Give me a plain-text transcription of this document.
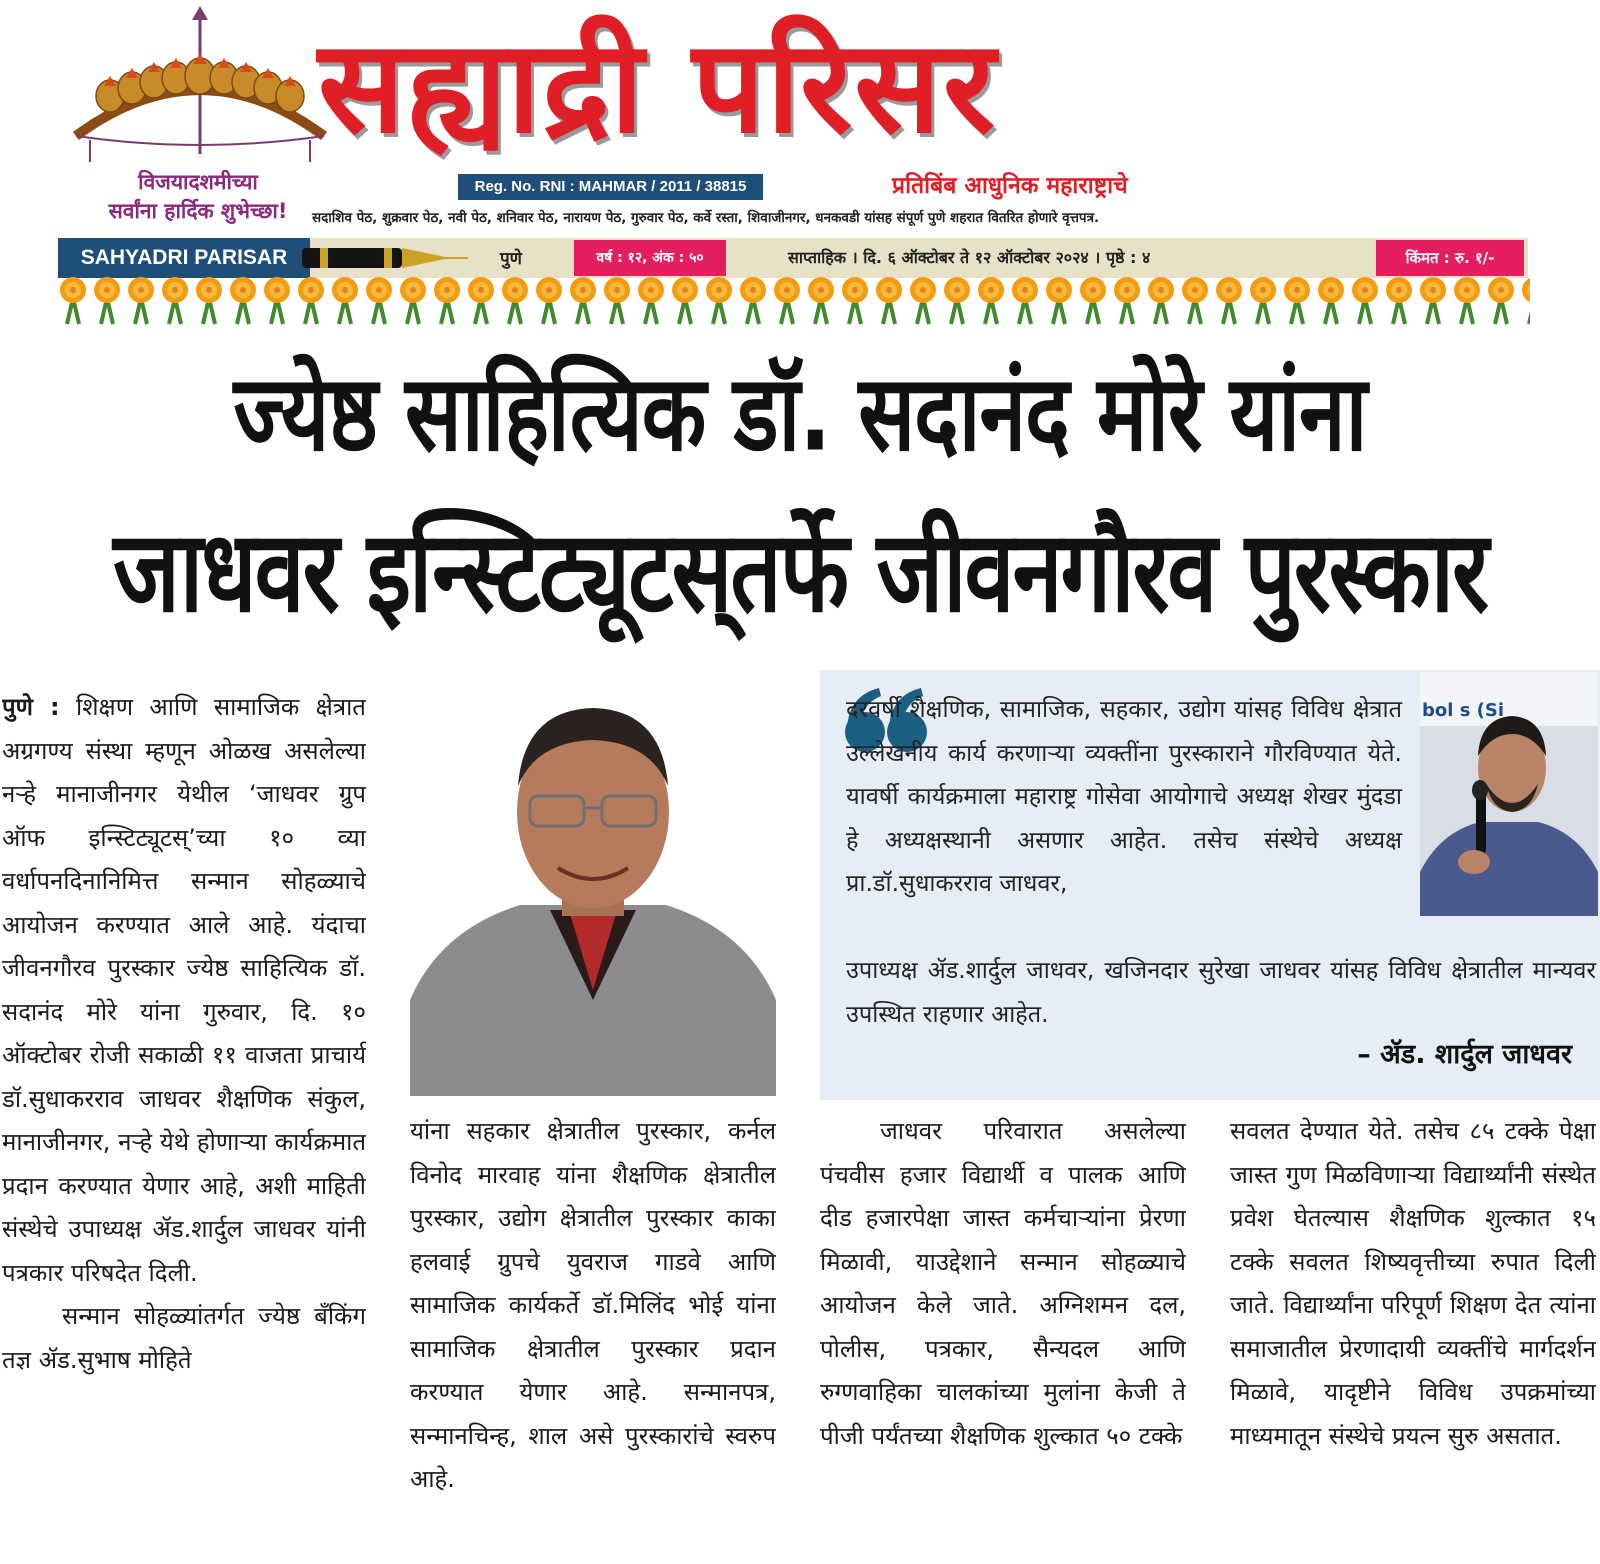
सह्याद्री परिसर
विजयादशमीच्या
सर्वांना हार्दिक शुभेच्छा!
Reg. No. RNI : MAHMAR / 2011 / 38815	प्रतिबिंब आधुनिक महाराष्ट्राचे
सदाशिव पेठ, शुक्रवार पेठ, नवी पेठ, शनिवार पेठ, नारायण पेठ, गुरुवार पेठ, कर्वे रस्ता, शिवाजीनगर, धनकवडी यांसह संपूर्ण पुणे शहरात वितरित होणारे वृत्तपत्र.
SAHYADRI PARISAR	पुणे	वर्ष : १२, अंक : ५०	साप्ताहिक । दि. ६ ऑक्टोबर ते १२ ऑक्टोबर २०२४ । पृष्ठे : ४	किंमत : रु. १/-
ज्येष्ठ साहित्यिक डॉ. सदानंद मोरे यांना
जाधवर इन्स्टिट्यूटस्‌तर्फे जीवनगौरव पुरस्कार

पुणे : शिक्षण आणि सामाजिक क्षेत्रात अग्रगण्य संस्था म्हणून ओळख असलेल्या नऱ्हे मानाजीनगर येथील ‘जाधवर ग्रुप ऑफ इन्स्टिट्यूटस्’च्या १० व्या वर्धापनदिनानिमित्त सन्मान सोहळ्याचे आयोजन करण्यात आले आहे. यंदाचा जीवनगौरव पुरस्कार ज्येष्ठ साहित्यिक डॉ. सदानंद मोरे यांना गुरुवार, दि. १० ऑक्टोबर रोजी सकाळी ११ वाजता प्राचार्य डॉ.सुधाकरराव जाधवर शैक्षणिक संकुल, मानाजीनगर, नऱ्हे येथे होणाऱ्या कार्यक्रमात प्रदान करण्यात येणार आहे, अशी माहिती संस्थेचे उपाध्यक्ष ॲड.शार्दुल जाधवर यांनी पत्रकार परिषदेत दिली.

सन्मान सोहळ्यांतर्गत ज्येष्ठ बँकिंग तज्ञ ॲड.सुभाष मोहिते

यांना सहकार क्षेत्रातील पुरस्कार, कर्नल विनोद मारवाह यांना शैक्षणिक क्षेत्रातील पुरस्कार, उद्योग क्षेत्रातील पुरस्कार काका हलवाई ग्रुपचे युवराज गाडवे आणि सामाजिक कार्यकर्ते डॉ.मिलिंद भोई यांना सामाजिक क्षेत्रातील पुरस्कार प्रदान करण्यात येणार आहे. सन्मानपत्र, सन्मानचिन्ह, शाल असे पुरस्कारांचे स्वरुप आहे.
जाधवर परिवारात असलेल्या पंचवीस हजार विद्यार्थी व पालक आणि दीड हजारपेक्षा जास्त कर्मचाऱ्यांना प्रेरणा मिळावी, याउद्देशाने सन्मान सोहळ्याचे आयोजन केले जाते. अग्निशमन दल, पोलीस, पत्रकार, सैन्यदल आणि रुग्णवाहिका चालकांच्या मुलांना केजी ते पीजी पर्यंतच्या शैक्षणिक शुल्कात ५० टक्के
सवलत देण्यात येते. तसेच ८५ टक्के पेक्षा जास्त गुण मिळविणाऱ्या विद्यार्थ्यांनी संस्थेत प्रवेश घेतल्यास शैक्षणिक शुल्कात १५ टक्के सवलत शिष्यवृत्तीच्या रुपात दिली जाते. विद्यार्थ्यांना परिपूर्ण शिक्षण देत त्यांना समाजातील प्रेरणादायी व्यक्तींचे मार्गदर्शन मिळावे, यादृष्टीने विविध उपक्रमांच्या माध्यमातून संस्थेचे प्रयत्न सुरु असतात.
दरवर्षी शैक्षणिक, सामाजिक, सहकार, उद्योग यांसह विविध क्षेत्रात उल्लेखनीय कार्य करणाऱ्या व्यक्तींना पुरस्काराने गौरविण्यात येते. यावर्षी कार्यक्रमाला महाराष्ट्र गोसेवा आयोगाचे अध्यक्ष शेखर मुंदडा हे अध्यक्षस्थानी असणार आहेत. तसेच संस्थेचे अध्यक्ष प्रा.डॉ.सुधाकरराव जाधवर,
उपाध्यक्ष ॲड.शार्दुल जाधवर, खजिनदार सुरेखा जाधवर यांसह विविध क्षेत्रातील मान्यवर उपस्थित राहणार आहेत.
– ॲड. शार्दुल जाधवर
bol s (Si
